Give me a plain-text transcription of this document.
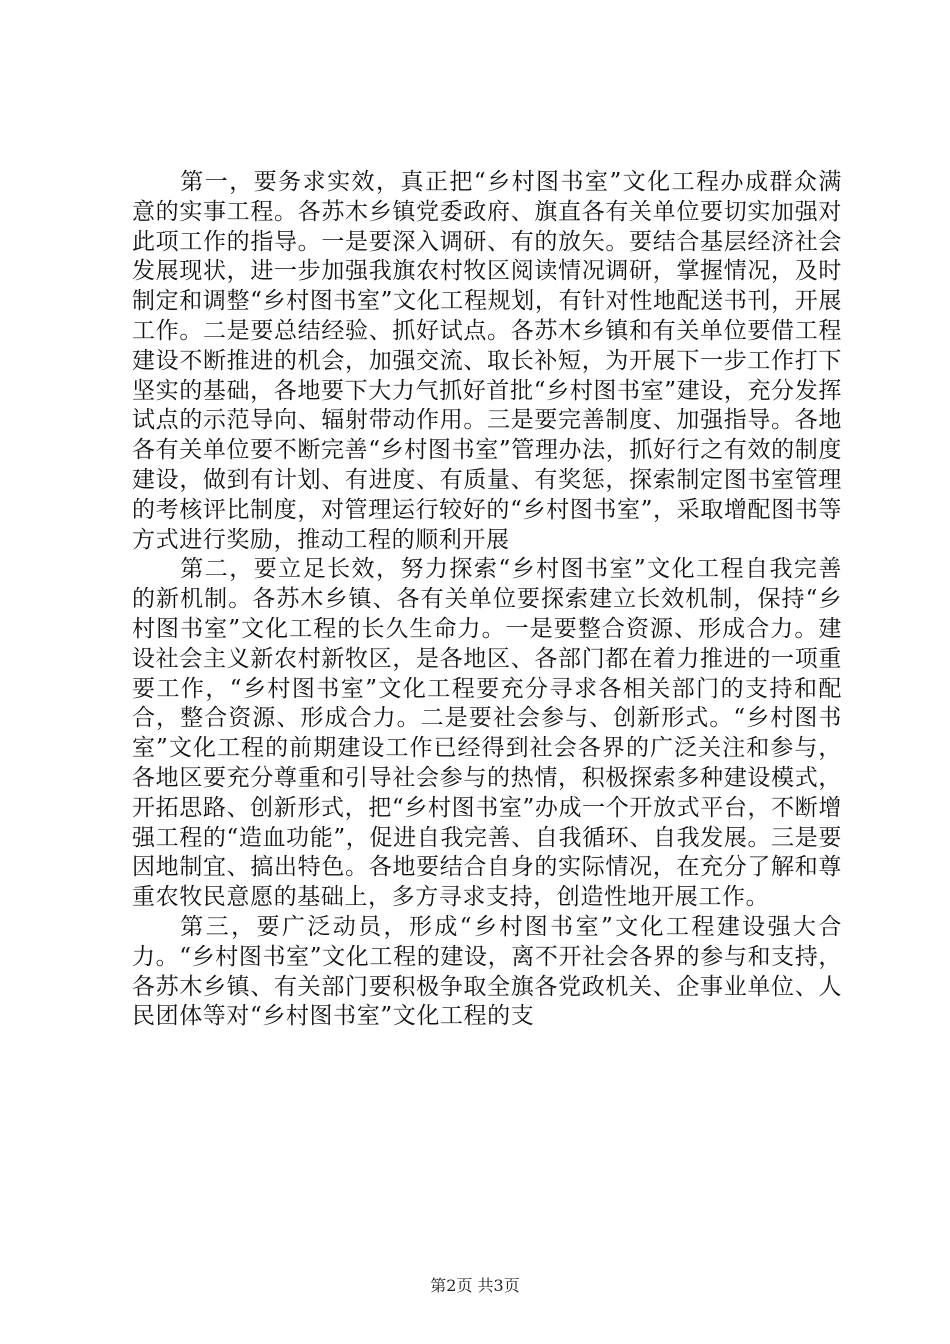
第一，要务求实效，真正把“乡村图书室”文化工程办成群众满意的实事工程。各苏木乡镇党委政府、旗直各有关单位要切实加强对此项工作的指导。一是要深入调研、有的放矢。要结合基层经济社会发展现状，进一步加强我旗农村牧区阅读情况调研，掌握情况，及时制定和调整“乡村图书室”文化工程规划，有针对性地配送书刊，开展工作。二是要总结经验、抓好试点。各苏木乡镇和有关单位要借工程建设不断推进的机会，加强交流、取长补短，为开展下一步工作打下坚实的基础，各地要下大力气抓好首批“乡村图书室”建设，充分发挥试点的示范导向、辐射带动作用。三是要完善制度、加强指导。各地各有关单位要不断完善“乡村图书室”管理办法，抓好行之有效的制度建设，做到有计划、有进度、有质量、有奖惩，探索制定图书室管理的考核评比制度，对管理运行较好的“乡村图书室”，采取增配图书等方式进行奖励，推动工程的顺利开展

第二，要立足长效，努力探索“乡村图书室”文化工程自我完善的新机制。各苏木乡镇、各有关单位要探索建立长效机制，保持“乡村图书室”文化工程的长久生命力。一是要整合资源、形成合力。建设社会主义新农村新牧区，是各地区、各部门都在着力推进的一项重要工作，“乡村图书室”文化工程要充分寻求各相关部门的支持和配合，整合资源、形成合力。二是要社会参与、创新形式。“乡村图书室”文化工程的前期建设工作已经得到社会各界的广泛关注和参与，各地区要充分尊重和引导社会参与的热情，积极探索多种建设模式，开拓思路、创新形式，把“乡村图书室”办成一个开放式平台，不断增强工程的“造血功能”，促进自我完善、自我循环、自我发展。三是要因地制宜、搞出特色。各地要结合自身的实际情况，在充分了解和尊重农牧民意愿的基础上，多方寻求支持，创造性地开展工作。

第三，要广泛动员，形成“乡村图书室”文化工程建设强大合力。“乡村图书室”文化工程的建设，离不开社会各界的参与和支持，各苏木乡镇、有关部门要积极争取全旗各党政机关、企事业单位、人民团体等对“乡村图书室”文化工程的支

第2页 共3页
